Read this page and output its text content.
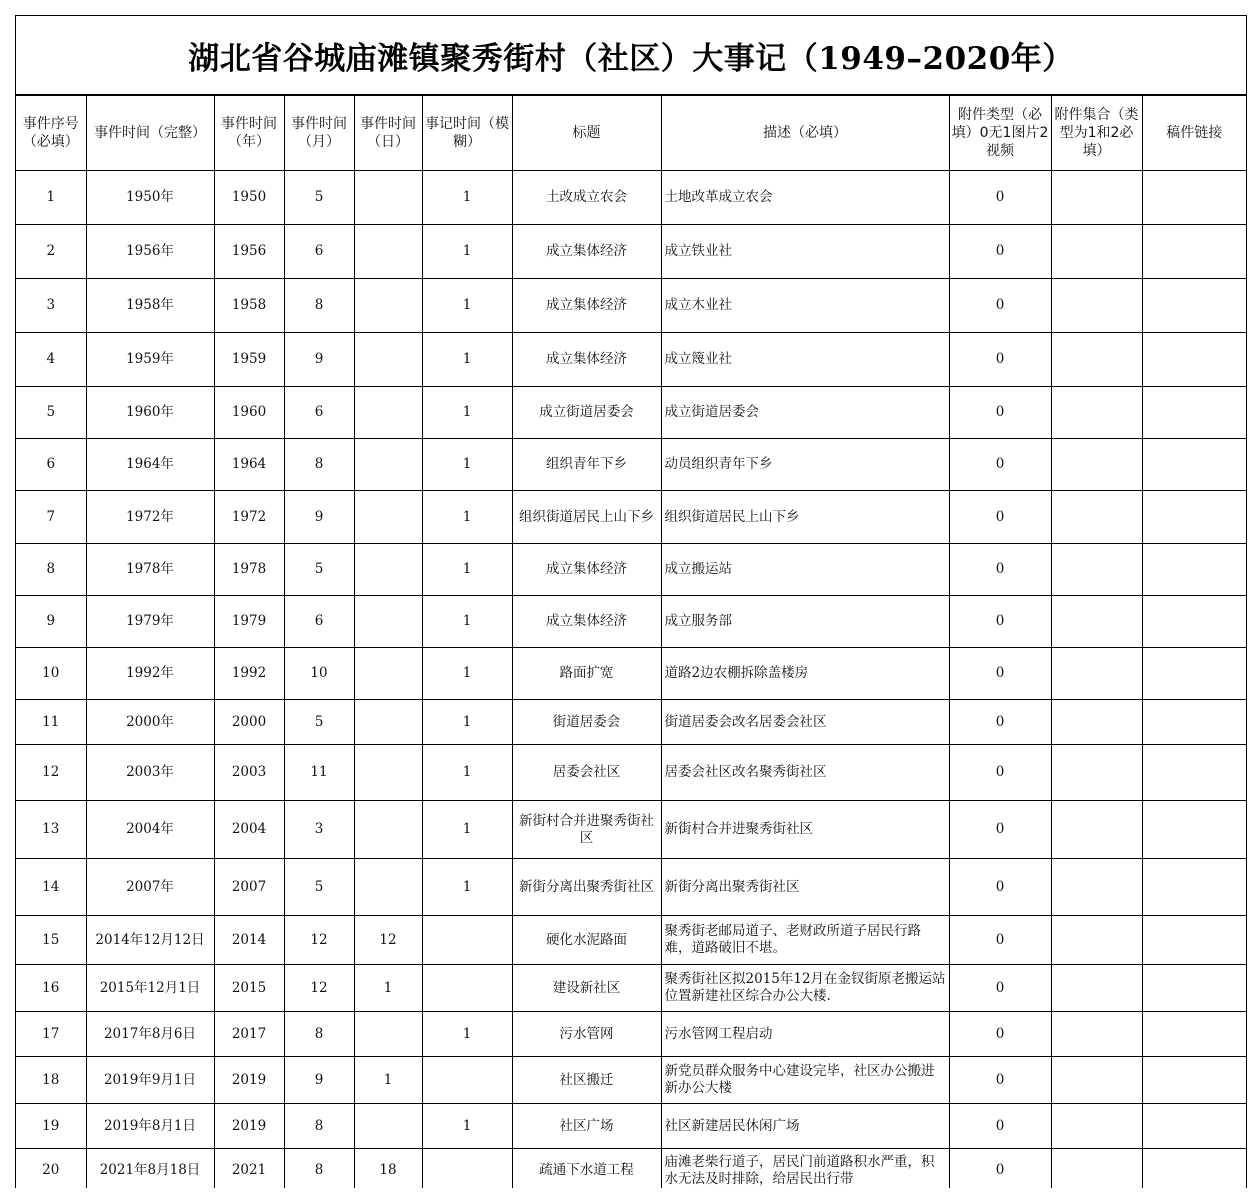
湖北省谷城庙滩镇聚秀街村（社区）大事记（1949–2020年）
事件序号（必填）	事件时间（完整）	事件时间（年）	事件时间（月）	事件时间（日）	事记时间（模糊）	标题	描述（必填）	附件类型（必填）0无1图片2视频	附件集合（类型为1和2必填）	稿件链接
1	1950年	1950	5		1	土改成立农会	土地改革成立农会	0		
2	1956年	1956	6		1	成立集体经济	成立铁业社	0		
3	1958年	1958	8		1	成立集体经济	成立木业社	0		
4	1959年	1959	9		1	成立集体经济	成立篾业社	0		
5	1960年	1960	6		1	成立街道居委会	成立街道居委会	0		
6	1964年	1964	8		1	组织青年下乡	动员组织青年下乡	0		
7	1972年	1972	9		1	组织街道居民上山下乡	组织街道居民上山下乡	0		
8	1978年	1978	5		1	成立集体经济	成立搬运站	0		
9	1979年	1979	6		1	成立集体经济	成立服务部	0		
10	1992年	1992	10		1	路面扩宽	道路2边农棚拆除盖楼房	0		
11	2000年	2000	5		1	街道居委会	街道居委会改名居委会社区	0		
12	2003年	2003	11		1	居委会社区	居委会社区改名聚秀街社区	0		
13	2004年	2004	3		1	新街村合并进聚秀街社区	新街村合并进聚秀街社区	0		
14	2007年	2007	5		1	新街分离出聚秀街社区	新街分离出聚秀街社区	0		
15	2014年12月12日	2014	12	12		硬化水泥路面	聚秀街老邮局道子、老财政所道子居民行路难，道路破旧不堪。	0		
16	2015年12月1日	2015	12	1		建设新社区	聚秀街社区拟2015年12月在金钗街原老搬运站位置新建社区综合办公大楼.	0		
17	2017年8月6日	2017	8		1	污水管网	污水管网工程启动	0		
18	2019年9月1日	2019	9	1		社区搬迁	新党员群众服务中心建设完毕，社区办公搬进新办公大楼	0		
19	2019年8月1日	2019	8		1	社区广场	社区新建居民休闲广场	0		
20	2021年8月18日	2021	8	18		疏通下水道工程	庙滩老柴行道子，居民门前道路积水严重，积水无法及时排除，给居民出行带	0		
